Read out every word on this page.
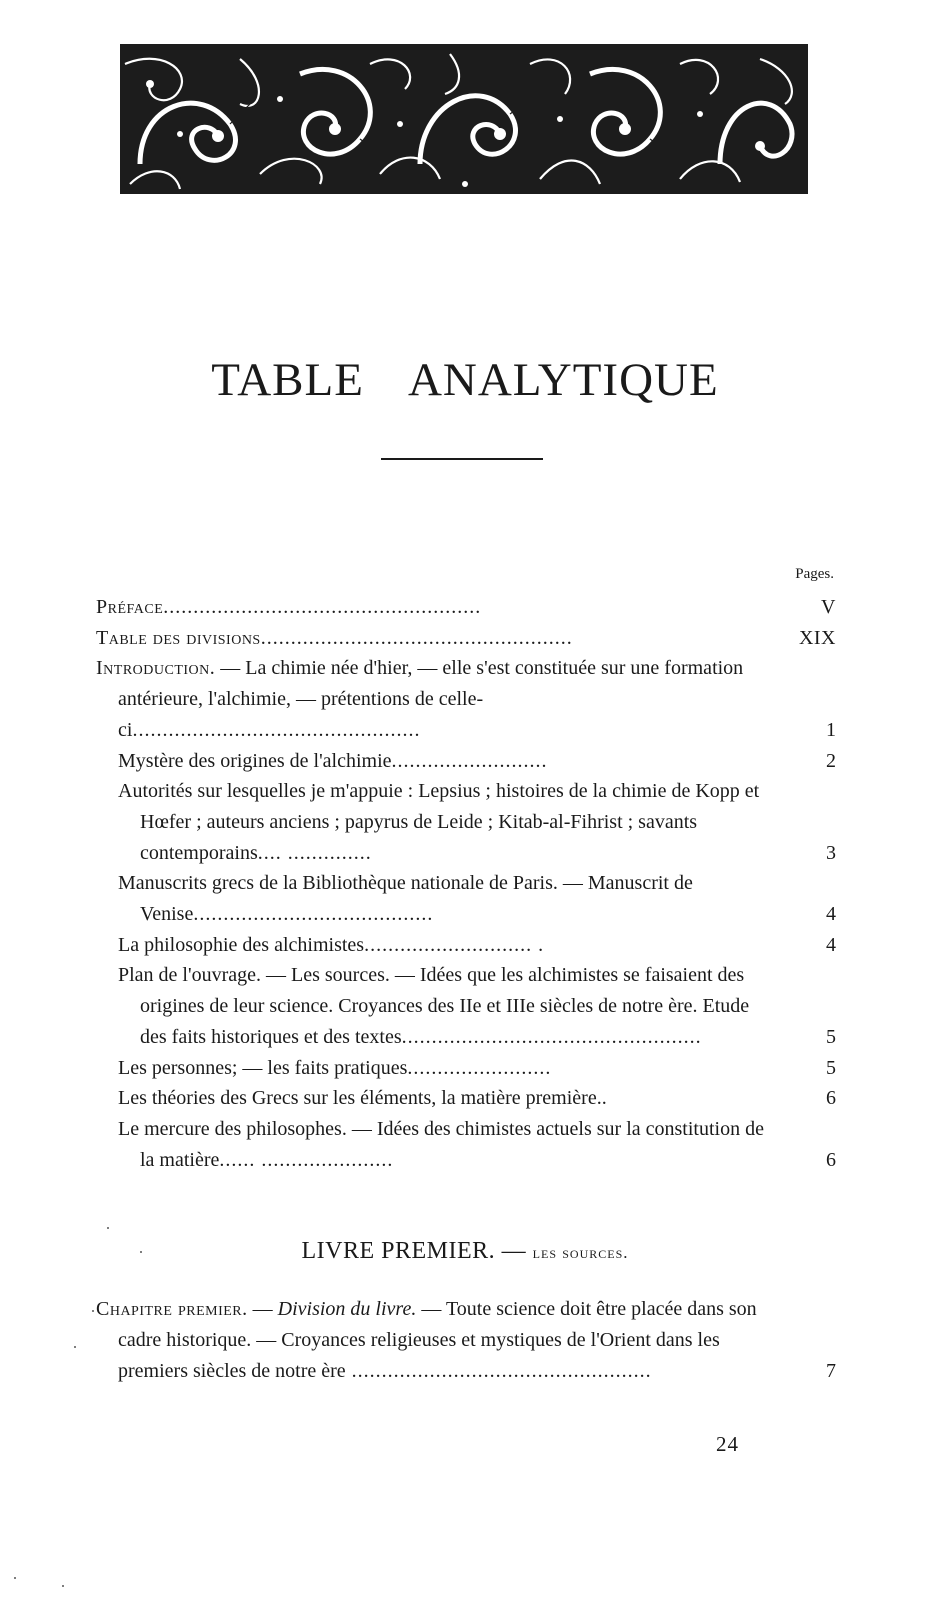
TABLE ANALYTIQUE
Pages.
Préface.....................................................	V
Table des divisions....................................................	XIX
Introduction. — La chimie née d'hier, — elle s'est constituée sur une formation antérieure, l'alchimie, — prétentions de celle-ci................................................	1
Mystère des origines de l'alchimie..........................	2
Autorités sur lesquelles je m'appuie : Lepsius ; histoires de la chimie de Kopp et Hœfer ; auteurs anciens ; papyrus de Leide ; Kitab-al-Fihrist ; savants contemporains.... ..............	3
Manuscrits grecs de la Bibliothèque nationale de Paris. — Manuscrit de Venise........................................	4
La philosophie des alchimistes............................ .	4
Plan de l'ouvrage. — Les sources. — Idées que les alchimistes se faisaient des origines de leur science. Croyances des IIe et IIIe siècles de notre ère. Etude des faits historiques et des textes..................................................	5
Les personnes; — les faits pratiques........................	5
Les théories des Grecs sur les éléments, la matière première..	6
Le mercure des philosophes. — Idées des chimistes actuels sur la constitution de la matière...... ......................	6
LIVRE PREMIER. — les sources.
Chapitre premier. — Division du livre. — Toute science doit être placée dans son cadre historique. — Croyances religieuses et mystiques de l'Orient dans les premiers siècles de notre ère ..................................................	7
24
